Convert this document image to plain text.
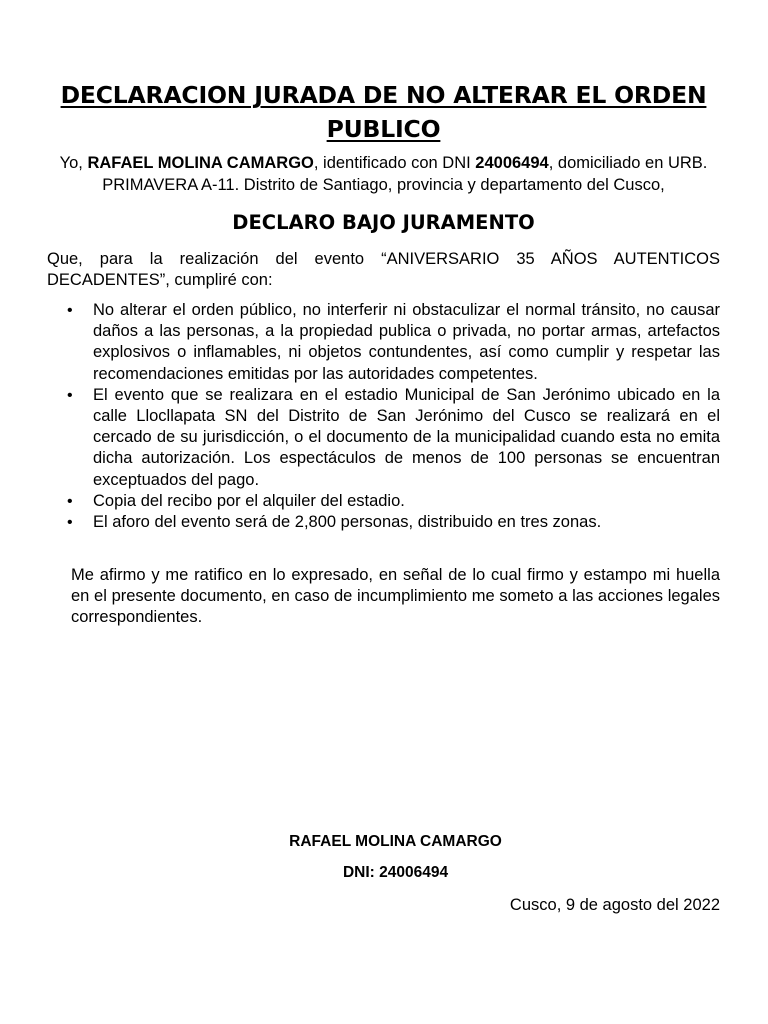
DECLARACION JURADA DE NO ALTERAR EL ORDEN PUBLICO

Yo, RAFAEL MOLINA CAMARGO, identificado con DNI 24006494, domiciliado en URB. PRIMAVERA A-11. Distrito de Santiago, provincia y departamento del Cusco,

DECLARO BAJO JURAMENTO

Que, para la realización del evento “ANIVERSARIO 35 AÑOS AUTENTICOS DECADENTES”, cumpliré con:

• No alterar el orden público, no interferir ni obstaculizar el normal tránsito, no causar daños a las personas, a la propiedad publica o privada, no portar armas, artefactos explosivos o inflamables, ni objetos contundentes, así como cumplir y respetar las recomendaciones emitidas por las autoridades competentes.
• El evento que se realizara en el estadio Municipal de San Jerónimo ubicado en la calle Llocllapata SN del Distrito de San Jerónimo del Cusco se realizará en el cercado de su jurisdicción, o el documento de la municipalidad cuando esta no emita dicha autorización. Los espectáculos de menos de 100 personas se encuentran exceptuados del pago.
• Copia del recibo por el alquiler del estadio.
• El aforo del evento será de 2,800 personas, distribuido en tres zonas.

Me afirmo y me ratifico en lo expresado, en señal de lo cual firmo y estampo mi huella en el presente documento, en caso de incumplimiento me someto a las acciones legales correspondientes.

RAFAEL MOLINA CAMARGO

DNI: 24006494

Cusco, 9 de agosto del 2022
